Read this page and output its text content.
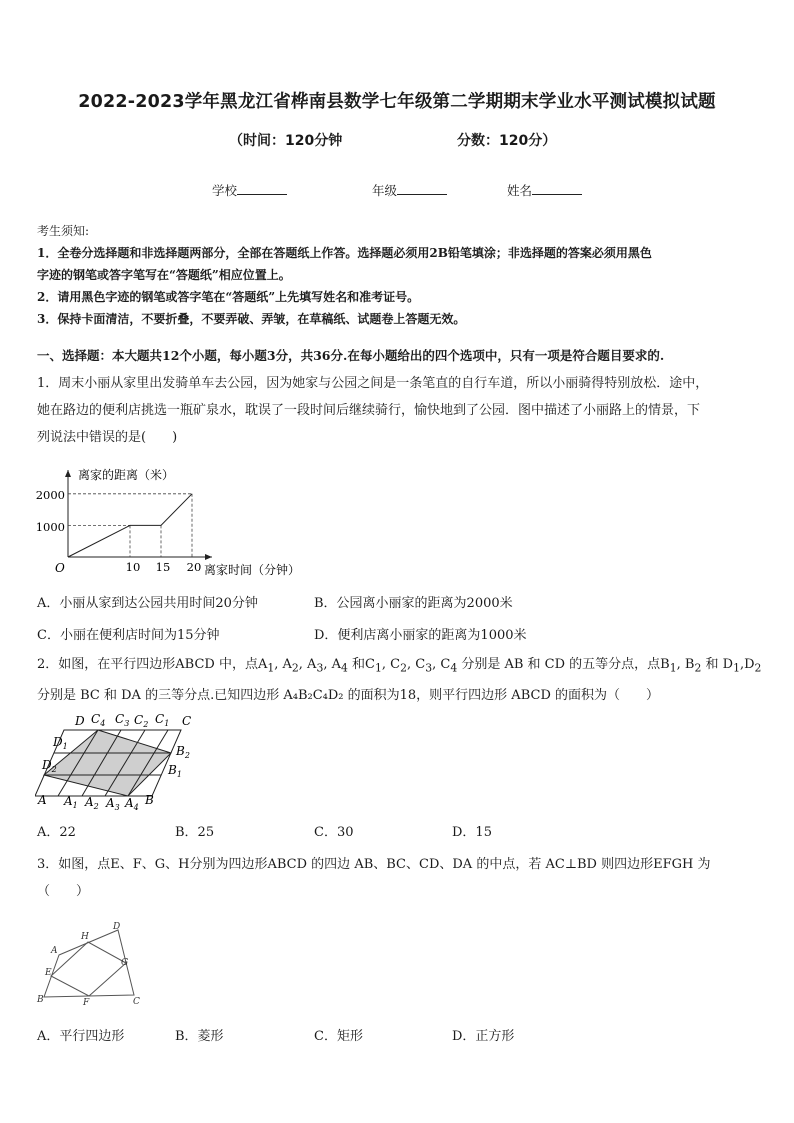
2022-2023学年黑龙江省桦南县数学七年级第二学期期末学业水平测试模拟试题
（时间：120分钟	分数：120分）
学校	年级	姓名
考生须知:
1．全卷分选择题和非选择题两部分，全部在答题纸上作答。选择题必须用2B铅笔填涂；非选择题的答案必须用黑色
字迹的钢笔或答字笔写在“答题纸”相应位置上。
2．请用黑色字迹的钢笔或答字笔在“答题纸”上先填写姓名和准考证号。
3．保持卡面清洁，不要折叠，不要弄破、弄皱，在草稿纸、试题卷上答题无效。
一、选择题：本大题共12个小题，每小题3分，共36分.在每小题给出的四个选项中，只有一项是符合题目要求的.
1．周末小丽从家里出发骑单车去公园，因为她家与公园之间是一条笔直的自行车道，所以小丽骑得特别放松．途中，
她在路边的便利店挑选一瓶矿泉水，耽误了一段时间后继续骑行，愉快地到了公园．图中描述了小丽路上的情景，下
列说法中错误的是(　　)
离家的距离（米）
离家时间（分钟）
O
2000
1000
10 15 20
A．小丽从家到达公园共用时间20分钟	B．公园离小丽家的距离为2000米
C．小丽在便利店时间为15分钟	D．便利店离小丽家的距离为1000米
2．如图，在平行四边形ABCD 中，点$A_1$, $A_2$, $A_3$, $A_4$ 和$C_1$, $C_2$, $C_3$, $C_4$ 分别是 AB 和 CD 的五等分点，点$B_1$, $B_2$ 和 $D_1,D_2$
分别是 BC 和 DA 的三等分点.已知四边形 A₄B₂C₄D₂ 的面积为18，则平行四边形 ABCD 的面积为（　　）
D $C_4$ $C_3$ $C_2$ $C_1$ C
$D_1$
$D_2$
$B_2$
$B_1$
A $A_1$ $A_2$ $A_3$ $A_4$
B
A．22	B．25	C．30	D．15
3．如图，点E、F、G、H分别为四边形ABCD 的四边 AB、BC、CD、DA 的中点，若 AC⊥BD 则四边形EFGH 为
（　　）
A
H
D
G
E
B	F	C
A．平行四边形	B．菱形	C．矩形	D．正方形
